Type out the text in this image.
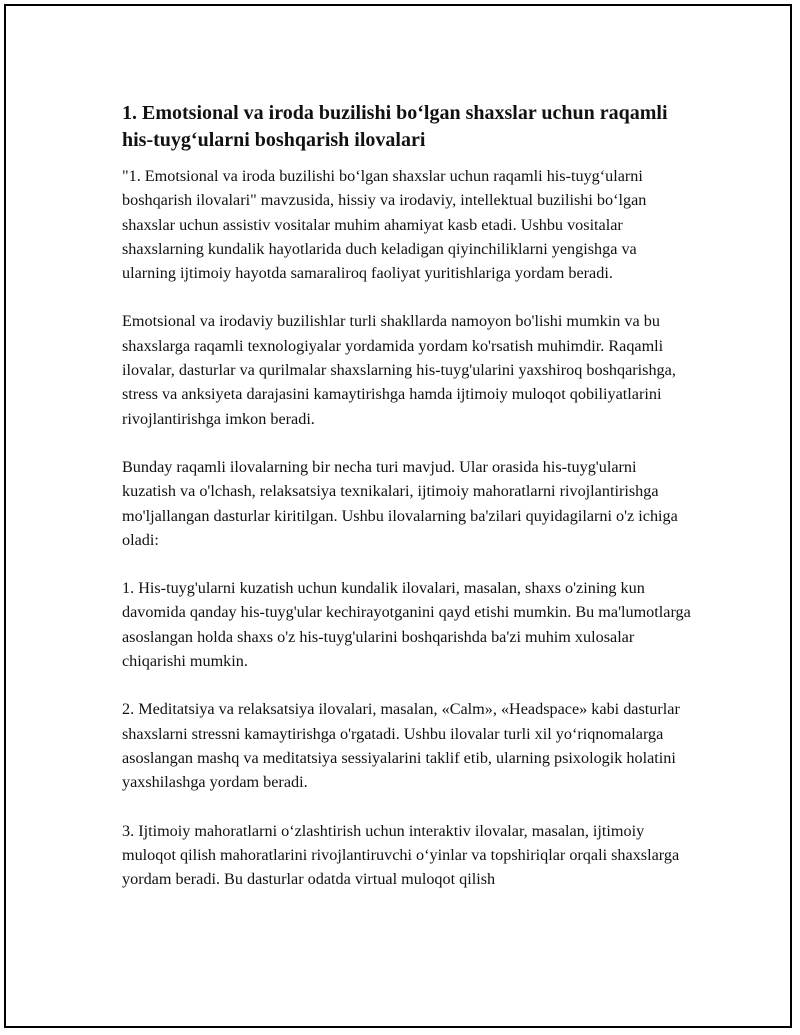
1. Emotsional va iroda buzilishi bo‘lgan shaxslar uchun raqamli his-tuyg‘ularni boshqarish ilovalari

"1. Emotsional va iroda buzilishi bo‘lgan shaxslar uchun raqamli his-tuyg‘ularni boshqarish ilovalari" mavzusida, hissiy va irodaviy, intellektual buzilishi bo‘lgan shaxslar uchun assistiv vositalar muhim ahamiyat kasb etadi. Ushbu vositalar shaxslarning kundalik hayotlarida duch keladigan qiyinchiliklarni yengishga va ularning ijtimoiy hayotda samaraliroq faoliyat yuritishlariga yordam beradi.

Emotsional va irodaviy buzilishlar turli shakllarda namoyon bo'lishi mumkin va bu shaxslarga raqamli texnologiyalar yordamida yordam ko'rsatish muhimdir. Raqamli ilovalar, dasturlar va qurilmalar shaxslarning his-tuyg'ularini yaxshiroq boshqarishga, stress va anksiyeta darajasini kamaytirishga hamda ijtimoiy muloqot qobiliyatlarini rivojlantirishga imkon beradi.

Bunday raqamli ilovalarning bir necha turi mavjud. Ular orasida his-tuyg'ularni kuzatish va o'lchash, relaksatsiya texnikalari, ijtimoiy mahoratlarni rivojlantirishga mo'ljallangan dasturlar kiritilgan. Ushbu ilovalarning ba'zilari quyidagilarni o'z ichiga oladi:

1. His-tuyg'ularni kuzatish uchun kundalik ilovalari, masalan, shaxs o'zining kun davomida qanday his-tuyg'ular kechirayotganini qayd etishi mumkin. Bu ma'lumotlarga asoslangan holda shaxs o'z his-tuyg'ularini boshqarishda ba'zi muhim xulosalar chiqarishi mumkin.

2. Meditatsiya va relaksatsiya ilovalari, masalan, «Calm», «Headspace» kabi dasturlar shaxslarni stressni kamaytirishga o'rgatadi. Ushbu ilovalar turli xil yo‘riqnomalarga asoslangan mashq va meditatsiya sessiyalarini taklif etib, ularning psixologik holatini yaxshilashga yordam beradi.

3. Ijtimoiy mahoratlarni o‘zlashtirish uchun interaktiv ilovalar, masalan, ijtimoiy muloqot qilish mahoratlarini rivojlantiruvchi o‘yinlar va topshiriqlar orqali shaxslarga yordam beradi. Bu dasturlar odatda virtual muloqot qilish
